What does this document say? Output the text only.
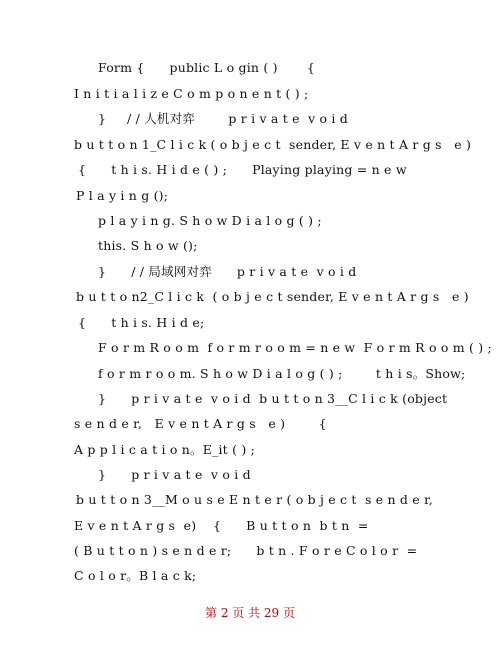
Form {      public L o gin ( )       {
I n i t i a l i z e C o m p o n e n t ( ) ;
}     / / 人机对弈        p r i v a t e  v o i d
b u t t o n 1_C l i c k ( o b j e c t  sender, E v e n t A r g s   e )
{      t h i s. H i d e ( ) ;      Playing playing = n e w
P l a y i n g ();
p l a y i n g. S h o w D i a l o g ( ) ;
this. S h o w ();
}      / / 局域网对弈      p r i v a t e  v o i d
b u t t o n2_C l i c k  ( o b j e c t sender, E v e n t A r g s   e )
{      t h i s. H i d e;
F o r m R o o m  f o r m r o o m = n e w  F o r m R o o m ( ) ;
f o r m r o o m. S h o w D i a l o g ( ) ;        t h i s。Show;
}      p r i v a t e  v o i d  b u t t o n 3__C l i c k (object
s e n d e r,   E v e n t A r g s   e )        {
A p p l i c a t i o n。E_it ( ) ;
}      p r i v a t e  v o i d
b u t t o n 3__M o u s e E n t e r ( o b j e c t  s e n d e r,
E v e n t A r g s  e)    {      B u t t o n  b t n  =
( B u t t o n ) s e n d e r;      b t n . F o r e C o l o r  =
C o l o r。B l a c k;
第 2 页 共 29 页
